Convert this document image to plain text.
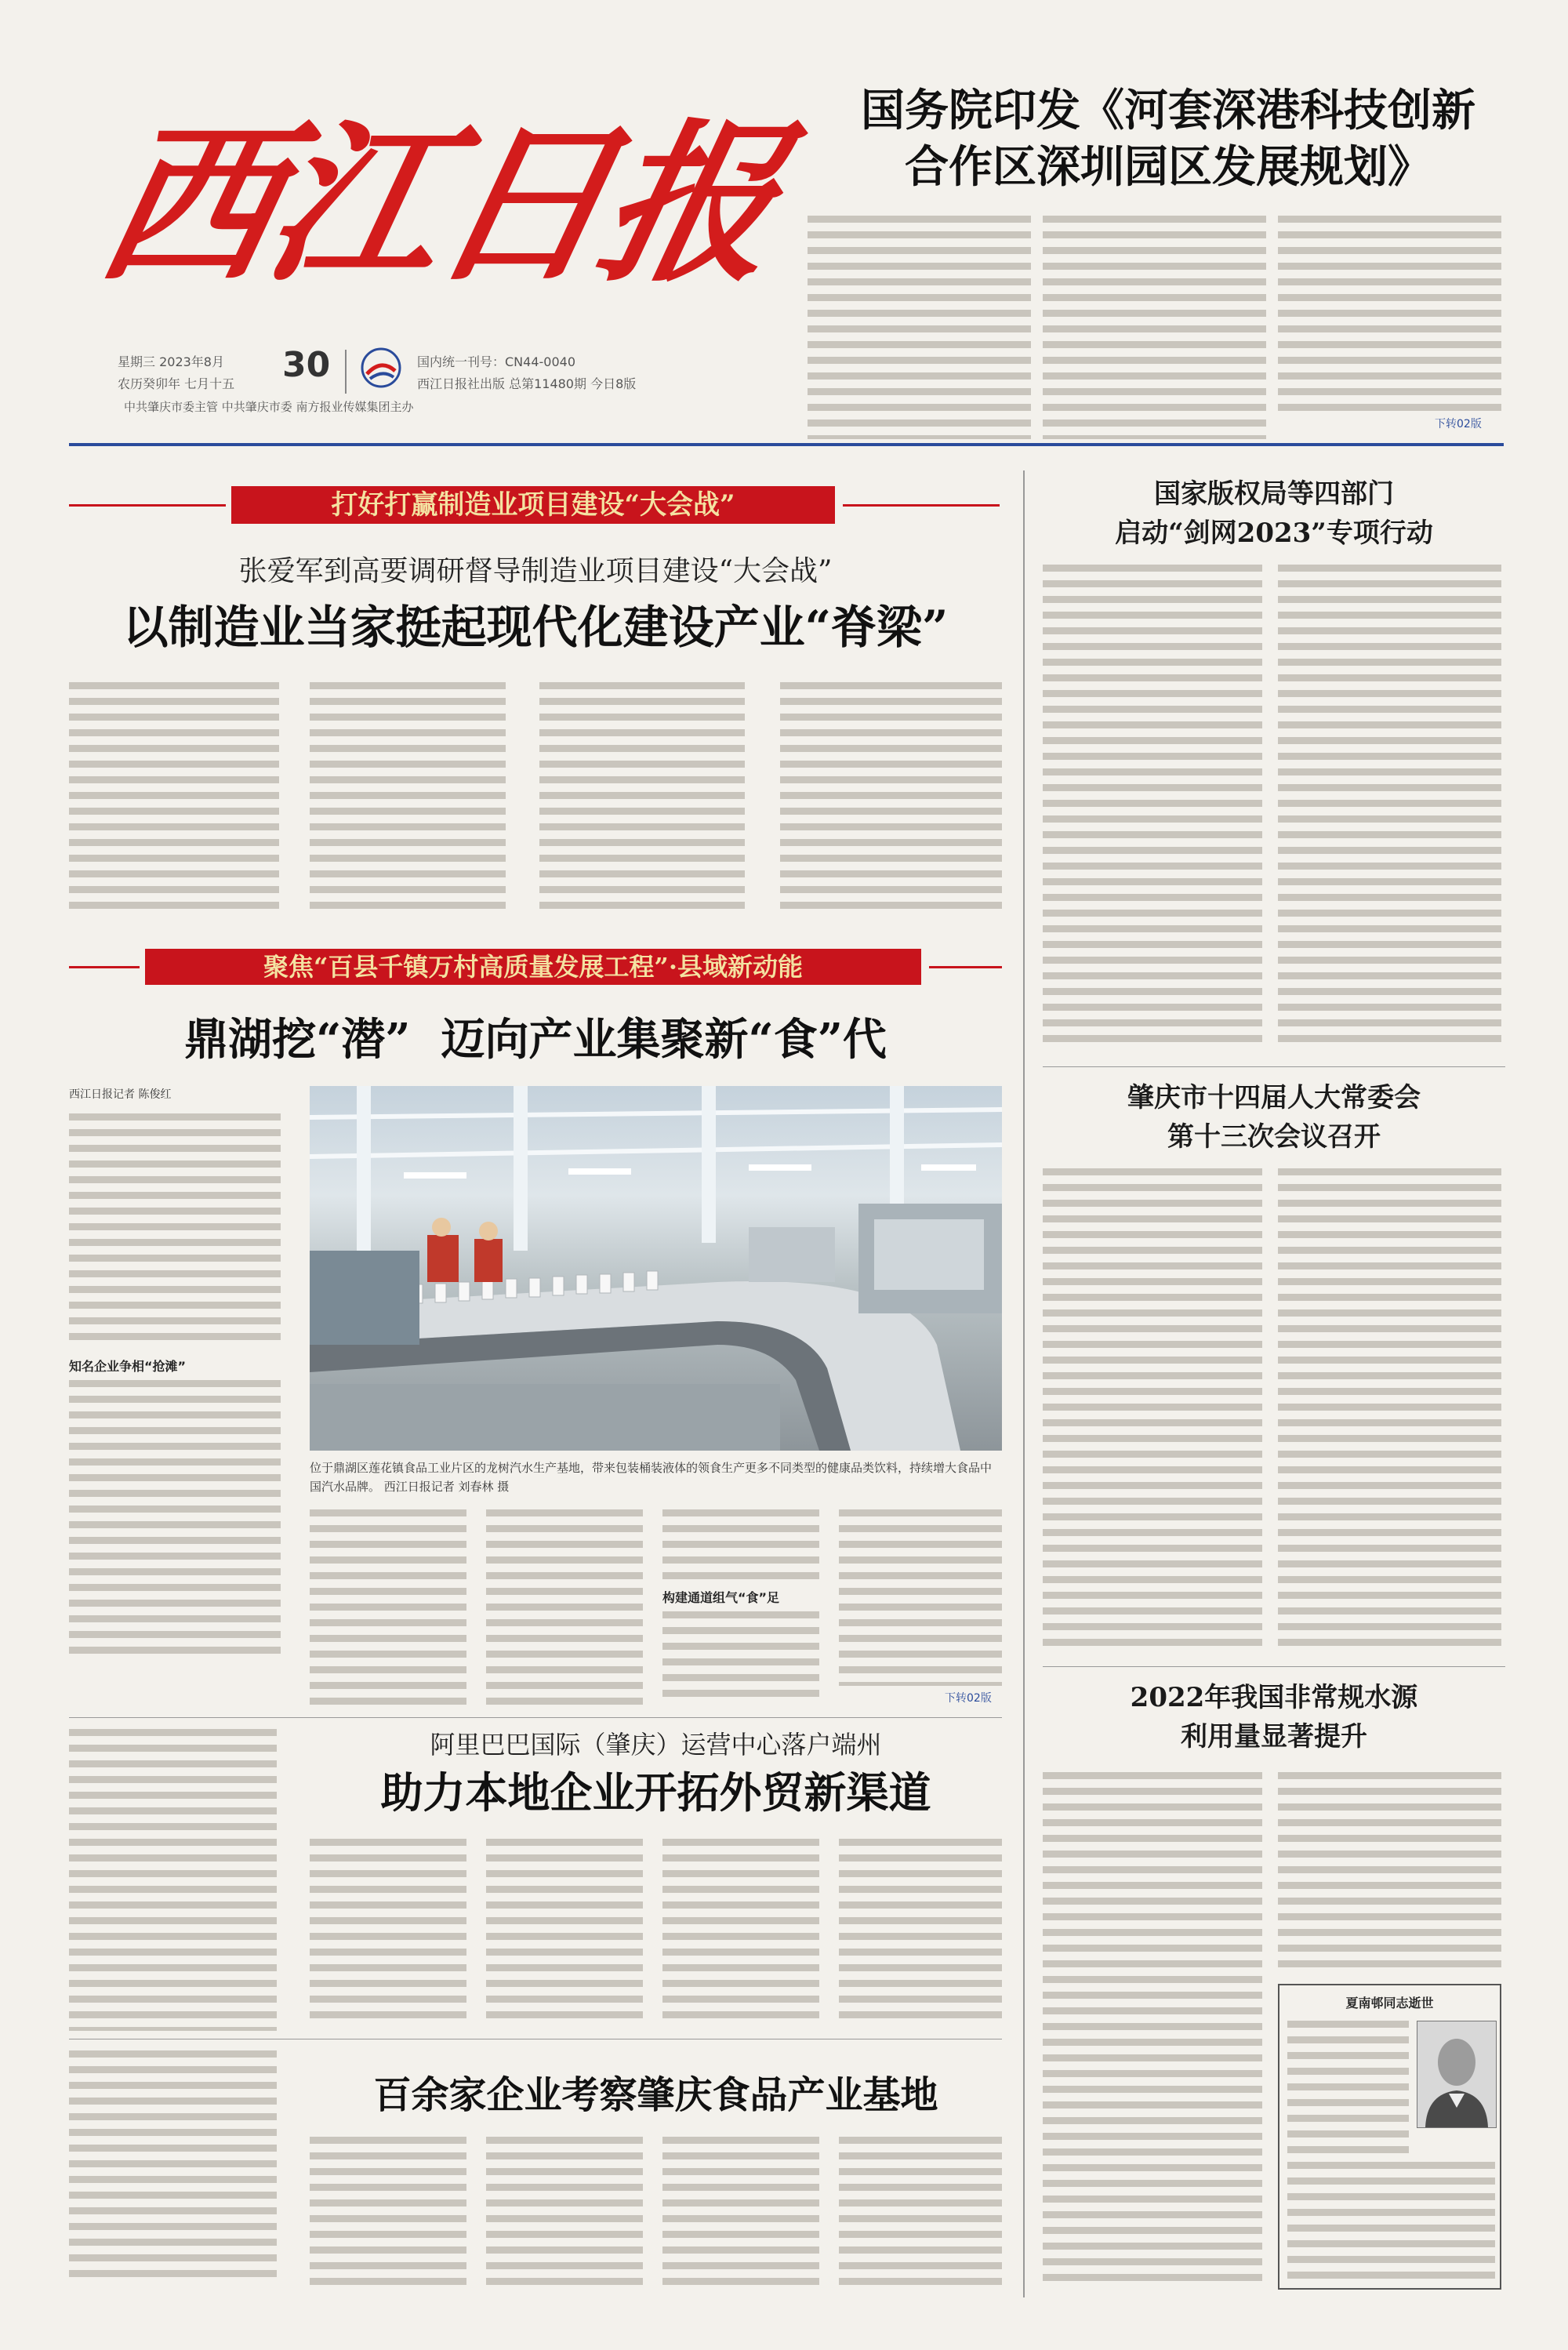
西江日报
星期三 2023年8月
农历癸卯年 七月十五	30	国内统一刊号：CN44-0040
西江日报社出版 总第11480期 今日8版
中共肇庆市委主管 中共肇庆市委 南方报业传媒集团主办
国务院印发《河套深港科技创新
合作区深圳园区发展规划》
下转02版
打好打赢制造业项目建设“大会战”
张爱军到高要调研督导制造业项目建设“大会战”
以制造业当家挺起现代化建设产业“脊梁”
聚焦“百县千镇万村高质量发展工程”·县域新动能
鼎湖挖“潜”  迈向产业集聚新“食”代
西江日报记者 陈俊红
位于鼎湖区莲花镇食品工业片区的龙树汽水生产基地，带来包装桶装液体的领食生产更多不同类型的健康品类饮料，持续增大食品中国汽水品牌。 西江日报记者 刘春林 摄
知名企业争相“抢滩”
构建通道组气“食”足
下转02版
阿里巴巴国际（肇庆）运营中心落户端州
助力本地企业开拓外贸新渠道
百余家企业考察肇庆食品产业基地
国家版权局等四部门
启动“剑网2023”专项行动
肇庆市十四届人大常委会
第十三次会议召开
2022年我国非常规水源
利用量显著提升
夏南邨同志逝世
